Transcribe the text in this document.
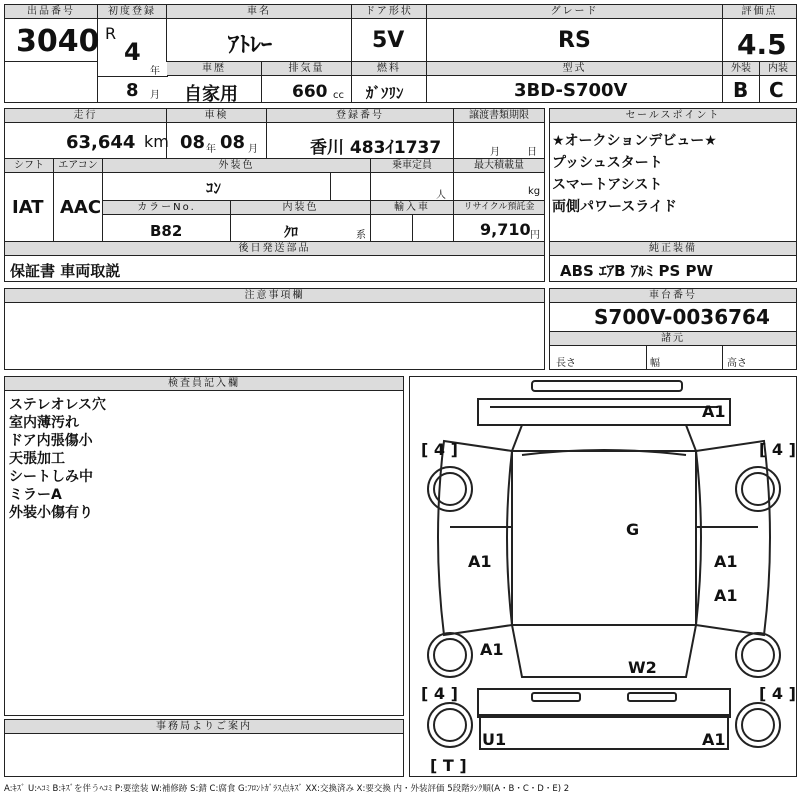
出品番号
3040
初度登録
R
4
年
8 月
車名
ｱﾄﾚｰ
ドア形状
5V
グレード
RS
評価点
4.5
車歴
自家用
排気量
660 cc
燃料
ｶﾞｿﾘﾝ
型式
3BD-S700V
外装	内装
B C
走行
63,644 km
車検
08 年 08 月
登録番号
香川 483ｲ1737
譲渡書類期限
月	日
シフト
IAT
エアコン
AAC
外装色
ｺﾝ
乗車定員
人
最大積載量
kg
カラーNo.
B82
内装色
ｸﾛ	系
輸入車	リサイクル預託金
9,710 円
後日発送部品
保証書 車両取説
セールスポイント
★オークションデビュー★
プッシュスタート
スマートアシスト
両側パワースライド
純正装備
ABS ｴｱB ｱﾙﾐ PS PW
注意事項欄	車台番号
S700V-0036764
諸元
長さ	幅	高さ
検査員記入欄
ステレオレス穴
室内薄汚れ
ドア内張傷小
天張加工
シートしみ中
ミラーA
外装小傷有り
事務局よりご案内
[ 4 ]	[ 4 ]
[ 4 ]	[ 4 ]
[ T ]
A1
G
A1	A1
A1
A1
W2
U1	A1
A:ｷｽﾞ U:ﾍｺﾐ B:ｷｽﾞを伴うﾍｺﾐ P:要塗装 W:補修跡 S:錆 C:腐食 G:ﾌﾛﾝﾄｶﾞﾗｽ点ｷｽﾞ XX:交換済み X:要交換 内・外装評価 5段階ﾗﾝｸ順(A・B・C・D・E) 2
